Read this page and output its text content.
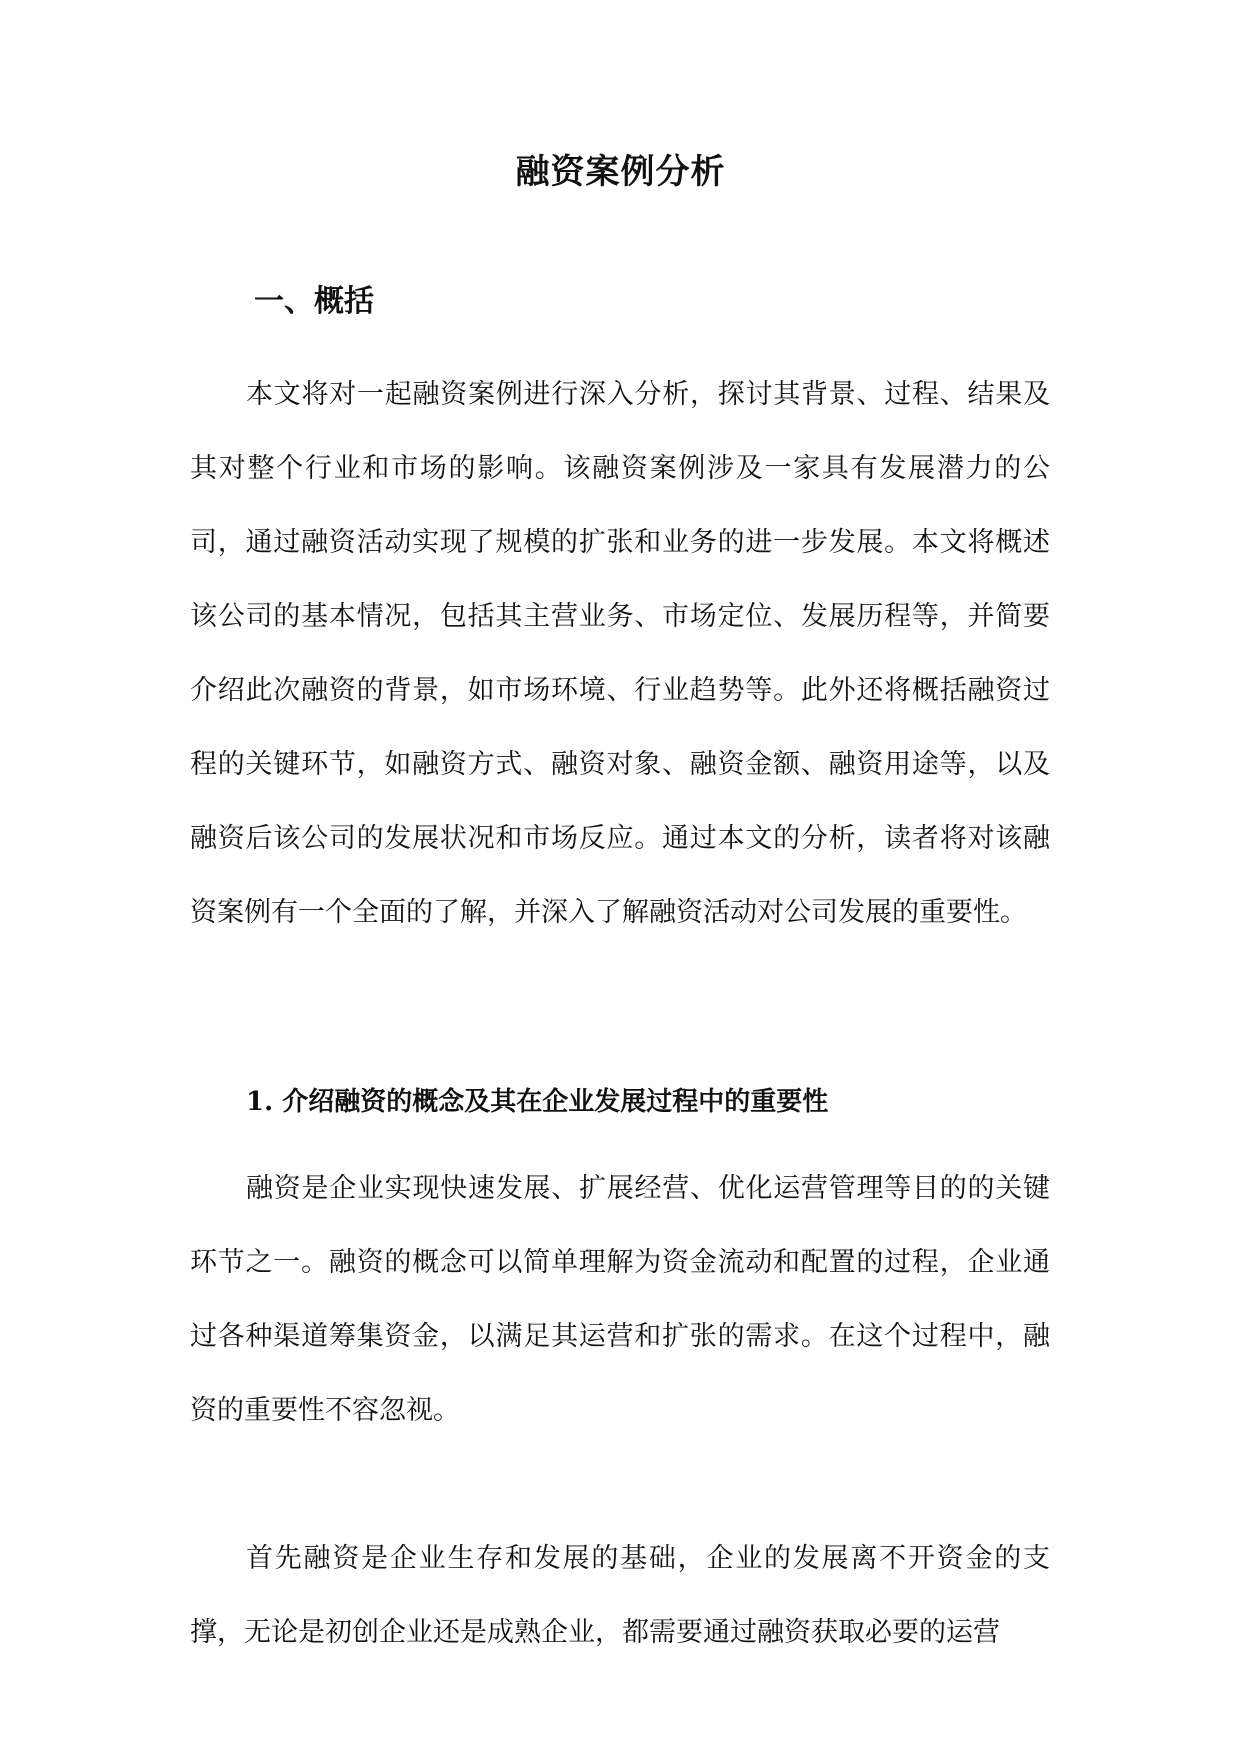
融资案例分析
一、概括

本文将对一起融资案例进行深入分析，探讨其背景、过程、结果及其对整个行业和市场的影响。该融资案例涉及一家具有发展潜力的公司，通过融资活动实现了规模的扩张和业务的进一步发展。本文将概述该公司的基本情况，包括其主营业务、市场定位、发展历程等，并简要介绍此次融资的背景，如市场环境、行业趋势等。此外还将概括融资过程的关键环节，如融资方式、融资对象、融资金额、融资用途等，以及融资后该公司的发展状况和市场反应。通过本文的分析，读者将对该融资案例有一个全面的了解，并深入了解融资活动对公司发展的重要性。

1. 介绍融资的概念及其在企业发展过程中的重要性

融资是企业实现快速发展、扩展经营、优化运营管理等目的的关键环节之一。融资的概念可以简单理解为资金流动和配置的过程，企业通过各种渠道筹集资金，以满足其运营和扩张的需求。在这个过程中，融资的重要性不容忽视。

首先融资是企业生存和发展的基础，企业的发展离不开资金的支撑，无论是初创企业还是成熟企业，都需要通过融资获取必要的运营
